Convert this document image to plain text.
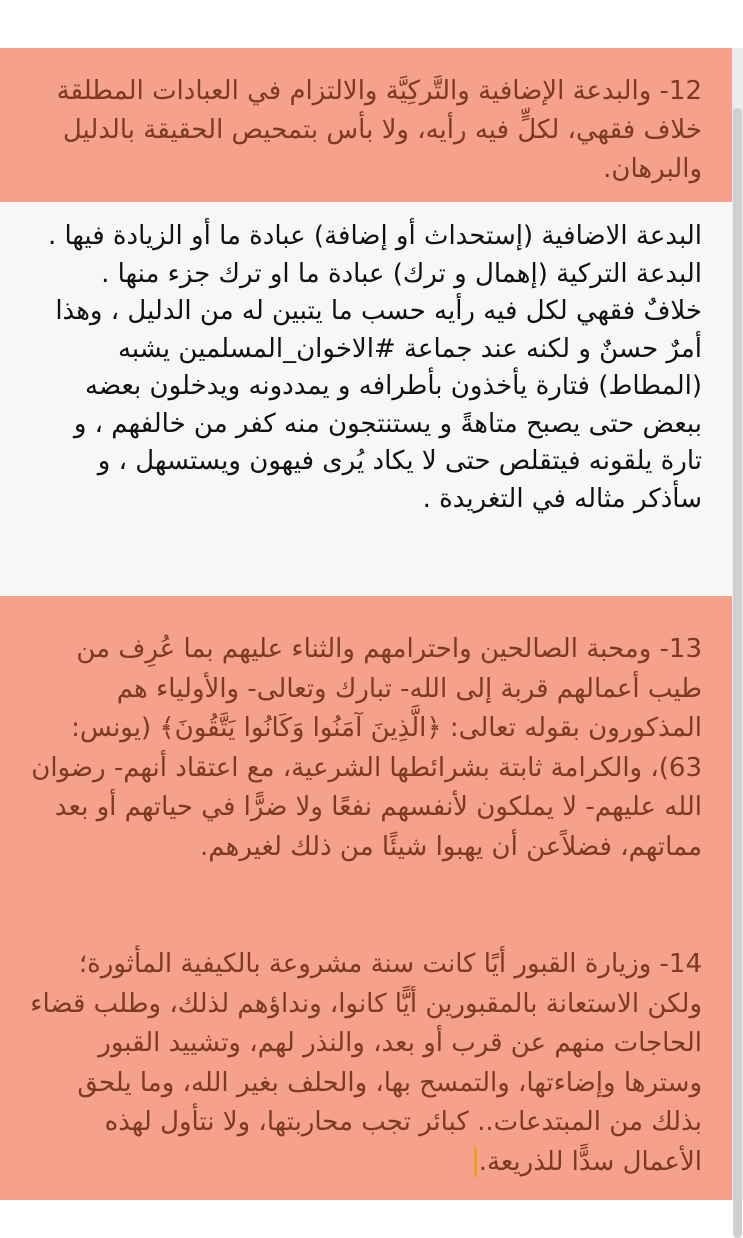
12- والبدعة الإضافية والتَّركِيَّة والالتزام في العبادات المطلقة خلاف فقهي، لكلٍّ فيه رأيه، ولا بأس بتمحيص الحقيقة بالدليل والبرهان.

البدعة الاضافية (إستحداث أو إضافة) عبادة ما أو الزيادة فيها .

البدعة التركية (إهمال و ترك) عبادة ما او ترك جزء منها .

خلافٌ فقهي لكل فيه رأيه حسب ما يتبين له من الدليل ، وهذا أمرٌ حسنٌ و لكنه عند جماعة #الاخوان_المسلمين يشبه (المطاط) فتارة يأخذون بأطرافه و يمددونه ويدخلون بعضه ببعض حتى يصبح متاهةً و يستنتجون منه كفر من خالفهم ، و تارة يلقونه فيتقلص حتى لا يكاد يُرى فيهون ويستسهل ، و سأذكر مثاله في التغريدة .

13- ومحبة الصالحين واحترامهم والثناء عليهم بما عُرِف من طيب أعمالهم قربة إلى الله- تبارك وتعالى- والأولياء هم المذكورون بقوله تعالى: ﴿الَّذِينَ آمَنُوا وَكَانُوا يَتَّقُونَ﴾ (يونس: 63)، والكرامة ثابتة بشرائطها الشرعية، مع اعتقاد أنهم- رضوان الله عليهم- لا يملكون لأنفسهم نفعًا ولا ضرًّا في حياتهم أو بعد مماتهم، فضلاًعن أن يهبوا شيئًا من ذلك لغيرهم.

14- وزيارة القبور أيًا كانت سنة مشروعة بالكيفية المأثورة؛ ولكن الاستعانة بالمقبورين أيًّا كانوا، ونداؤهم لذلك، وطلب قضاء الحاجات منهم عن قرب أو بعد، والنذر لهم، وتشييد القبور وسترها وإضاءتها، والتمسح بها، والحلف بغير الله، وما يلحق بذلك من المبتدعات.. كبائر تجب محاربتها، ولا نتأول لهذه الأعمال سدًّا للذريعة.
